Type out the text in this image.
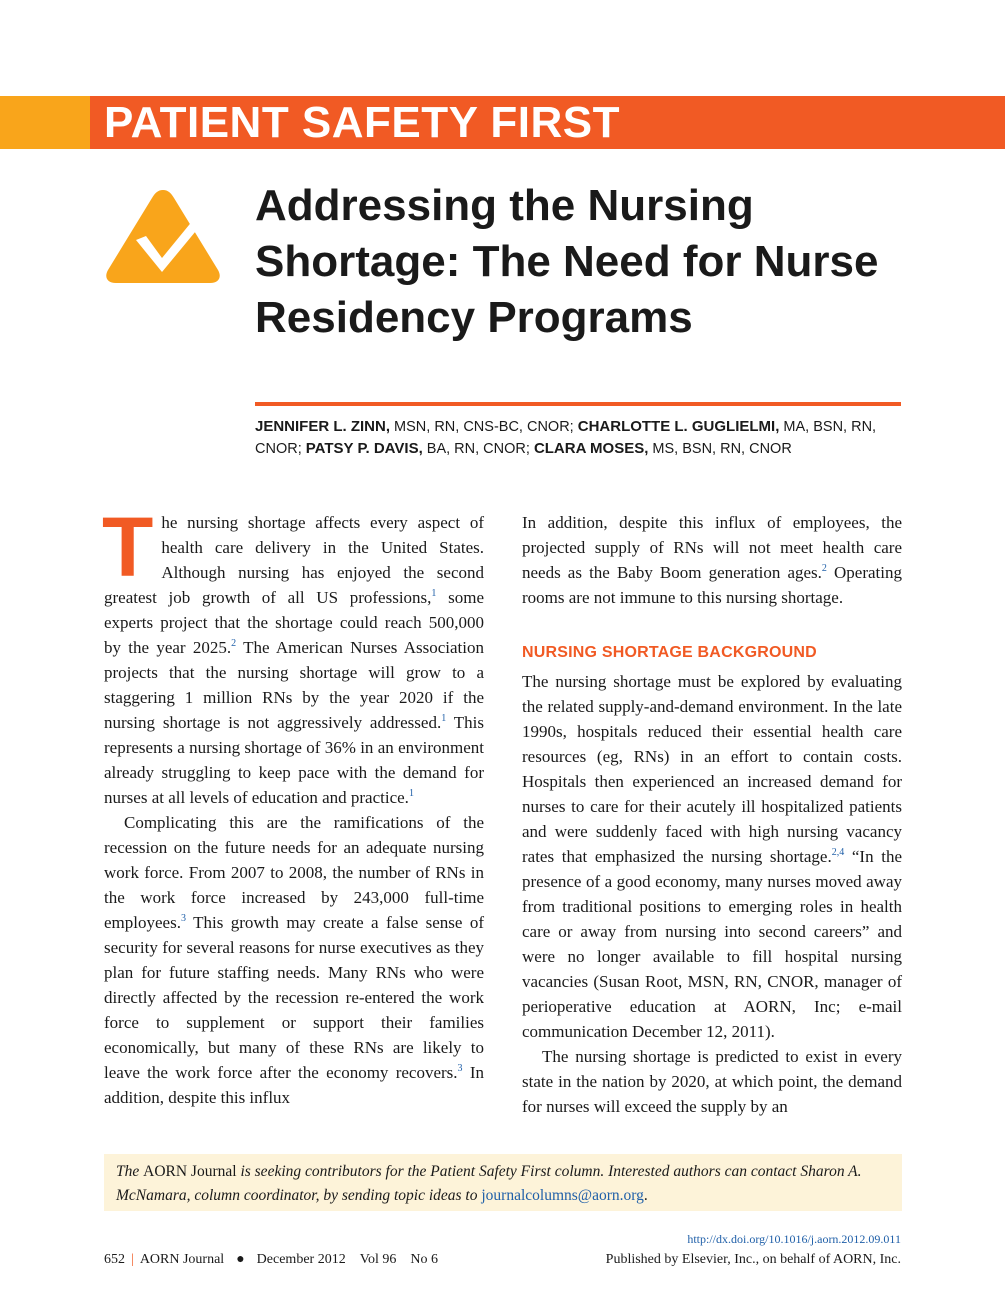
PATIENT SAFETY FIRST
Addressing the Nursing Shortage: The Need for Nurse Residency Programs
JENNIFER L. ZINN, MSN, RN, CNS-BC, CNOR; CHARLOTTE L. GUGLIELMI, MA, BSN, RN, CNOR; PATSY P. DAVIS, BA, RN, CNOR; CLARA MOSES, MS, BSN, RN, CNOR

The nursing shortage affects every aspect of health care delivery in the United States. Although nursing has enjoyed the second greatest job growth of all US professions,$^1$ some experts project that the shortage could reach 500,000 by the year 2025.$^2$ The American Nurses Association projects that the nursing shortage will grow to a staggering 1 million RNs by the year 2020 if the nursing shortage is not aggressively addressed.$^1$ This represents a nursing shortage of 36% in an environment already struggling to keep pace with the demand for nurses at all levels of education and practice.$^1$

Complicating this are the ramifications of the recession on the future needs for an adequate nursing work force. From 2007 to 2008, the number of RNs in the work force increased by 243,000 full-time employees.$^3$ This growth may create a false sense of security for several reasons for nurse executives as they plan for future staffing needs. Many RNs who were directly affected by the recession re-entered the work force to supplement or support their families economically, but many of these RNs are likely to leave the work force after the economy recovers.$^3$ In addition, despite this influx

In addition, despite this influx of employees, the projected supply of RNs will not meet health care needs as the Baby Boom generation ages.$^2$ Operating rooms are not immune to this nursing shortage.

NURSING SHORTAGE BACKGROUND

The nursing shortage must be explored by evaluating the related supply-and-demand environment. In the late 1990s, hospitals reduced their essential health care resources (eg, RNs) in an effort to contain costs. Hospitals then experienced an increased demand for nurses to care for their acutely ill hospitalized patients and were suddenly faced with high nursing vacancy rates that emphasized the nursing shortage.$^{2,4}$ “In the presence of a good economy, many nurses moved away from traditional positions to emerging roles in health care or away from nursing into second careers” and were no longer available to fill hospital nursing vacancies (Susan Root, MSN, RN, CNOR, manager of perioperative education at AORN, Inc; e-mail communication December 12, 2011).

The nursing shortage is predicted to exist in every state in the nation by 2020, at which point, the demand for nurses will exceed the supply by an

The AORN Journal is seeking contributors for the Patient Safety First column. Interested authors can contact Sharon A. McNamara, column coordinator, by sending topic ideas to journalcolumns@aorn.org.
http://dx.doi.org/10.1016/j.aorn.2012.09.011
652 | AORN Journal ● December 2012 Vol 96 No 6	Published by Elsevier, Inc., on behalf of AORN, Inc.
